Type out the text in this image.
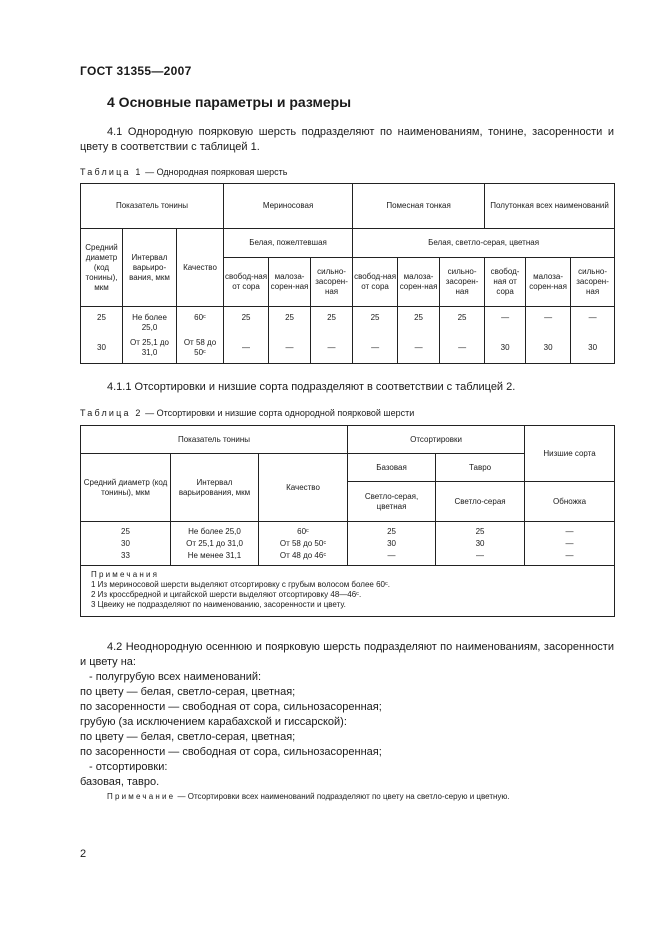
ГОСТ 31355—2007
4 Основные параметры и размеры
4.1 Однородную поярковую шерсть подразделяют по наименованиям, тонине, засоренности и цвету в соответствии с таблицей 1.
Таблица 1 — Однородная поярковая шерсть
Показатель тонины			Мериносовая			Помесная тонкая			Полутонкая всех наименований		
Средний диаметр (код тонины), мкм	Интервал варьиро-вания, мкм	Качество	Белая, пожелтевшая			Белая, светло-серая, цветная					
			свобод-ная от сора	малоза-сорен-ная	сильно-засорен-ная	свобод-ная от сора	малоза-сорен-ная	сильно-засорен-ная	свобод-ная от сора	малоза-сорен-ная	сильно-засорен-ная
25	Не более 25,0	60ᶜ	25	25	25	25	25	25	—	—	—
30	От 25,1 до 31,0	От 58 до 50ᶜ	—	—	—	—	—	—	30	30	30
4.1.1 Отсортировки и низшие сорта подразделяют в соответствии с таблицей 2.
Таблица 2 — Отсортировки и низшие сорта однородной поярковой шерсти
Показатель тонины			Отсортировки		Низшие сорта
Средний диаметр (код тонины), мкм	Интервал варьирования, мкм	Качество	Базовая	Тавро	
			Светло-серая, цветная	Светло-серая	Обножка

25	Не более 25,0	60ᶜ	25	25	—
30	От 25,1 до 31,0	От 58 до 50ᶜ	30	30	—
33	Не менее 31,1	От 48 до 46ᶜ	—	—	—

Примечания
1 Из мериносовой шерсти выделяют отсортировку с грубым волосом более 60ᶜ.
2 Из кроссбредной и цигайской шерсти выделяют отсортировку 48—46ᶜ.
3 Цвеику не подразделяют по наименованию, засоренности и цвету.					
4.2 Неоднородную осеннюю и поярковую шерсть подразделяют по наименованиям, засоренности и цвету на:
- полугрубую всех наименований:
по цвету — белая, светло-серая, цветная;
по засоренности — свободная от сора, сильнозасоренная;
грубую (за исключением карабахской и гиссарской):
по цвету — белая, светло-серая, цветная;
по засоренности — свободная от сора, сильнозасоренная;
- отсортировки:
базовая, тавро.
Примечание — Отсортировки всех наименований подразделяют по цвету на светло-серую и цветную.
2
